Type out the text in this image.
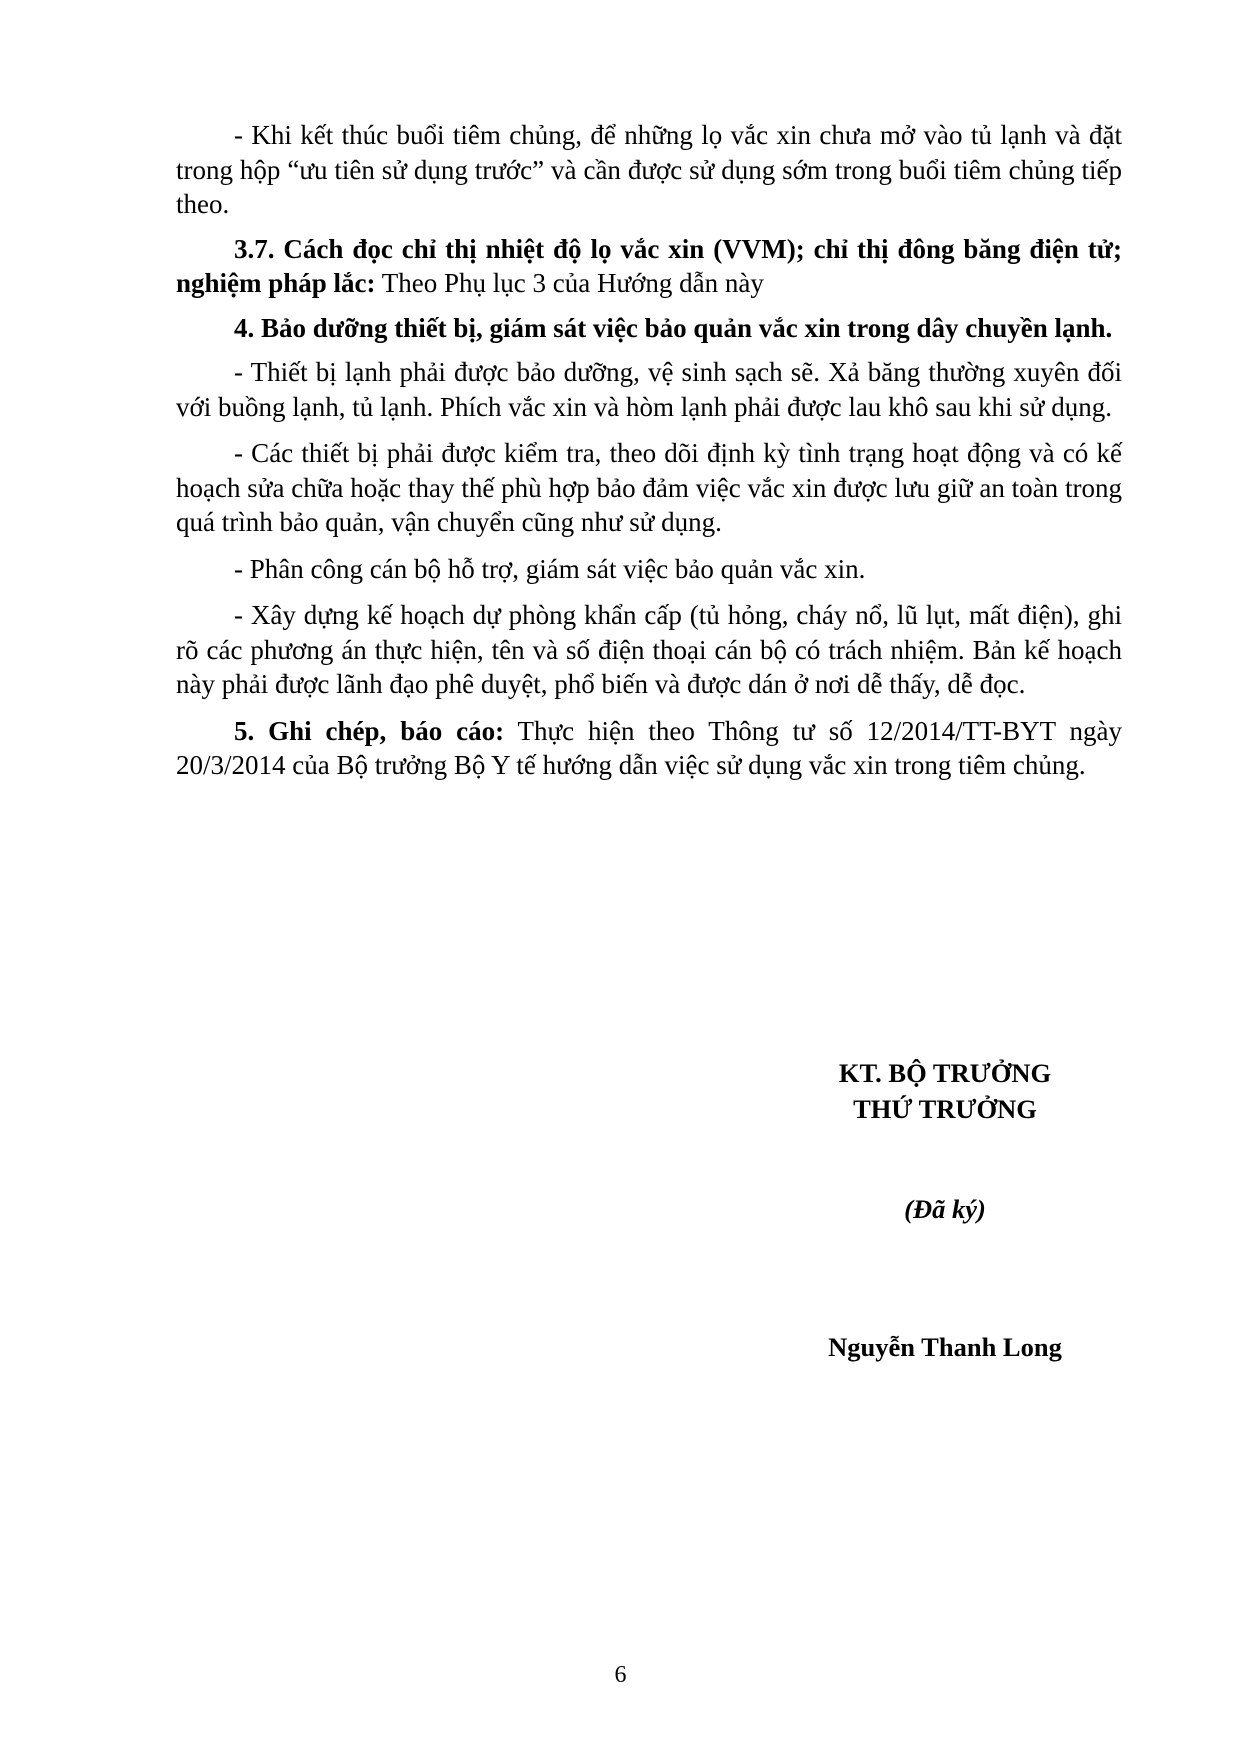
- Khi kết thúc buổi tiêm chủng, để những lọ vắc xin chưa mở vào tủ lạnh và đặt trong hộp “ưu tiên sử dụng trước” và cần được sử dụng sớm trong buổi tiêm chủng tiếp theo.

3.7. Cách đọc chỉ thị nhiệt độ lọ vắc xin (VVM); chỉ thị đông băng điện tử; nghiệm pháp lắc: Theo Phụ lục 3 của Hướng dẫn này

4. Bảo dưỡng thiết bị, giám sát việc bảo quản vắc xin trong dây chuyền lạnh.

- Thiết bị lạnh phải được bảo dưỡng, vệ sinh sạch sẽ. Xả băng thường xuyên đối với buồng lạnh, tủ lạnh. Phích vắc xin và hòm lạnh phải được lau khô sau khi sử dụng.

- Các thiết bị phải được kiểm tra, theo dõi định kỳ tình trạng hoạt động và có kế hoạch sửa chữa hoặc thay thế phù hợp bảo đảm việc vắc xin được lưu giữ an toàn trong quá trình bảo quản, vận chuyển cũng như sử dụng.

- Phân công cán bộ hỗ trợ, giám sát việc bảo quản vắc xin.

- Xây dựng kế hoạch dự phòng khẩn cấp (tủ hỏng, cháy nổ, lũ lụt, mất điện), ghi rõ các phương án thực hiện, tên và số điện thoại cán bộ có trách nhiệm. Bản kế hoạch này phải được lãnh đạo phê duyệt, phổ biến và được dán ở nơi dễ thấy, dễ đọc.

5. Ghi chép, báo cáo: Thực hiện theo Thông tư số 12/2014/TT-BYT ngày 20/3/2014 của Bộ trưởng Bộ Y tế hướng dẫn việc sử dụng vắc xin trong tiêm chủng.

KT. BỘ TRƯỞNG
THỨ TRƯỞNG
(Đã ký)
Nguyễn Thanh Long
6
